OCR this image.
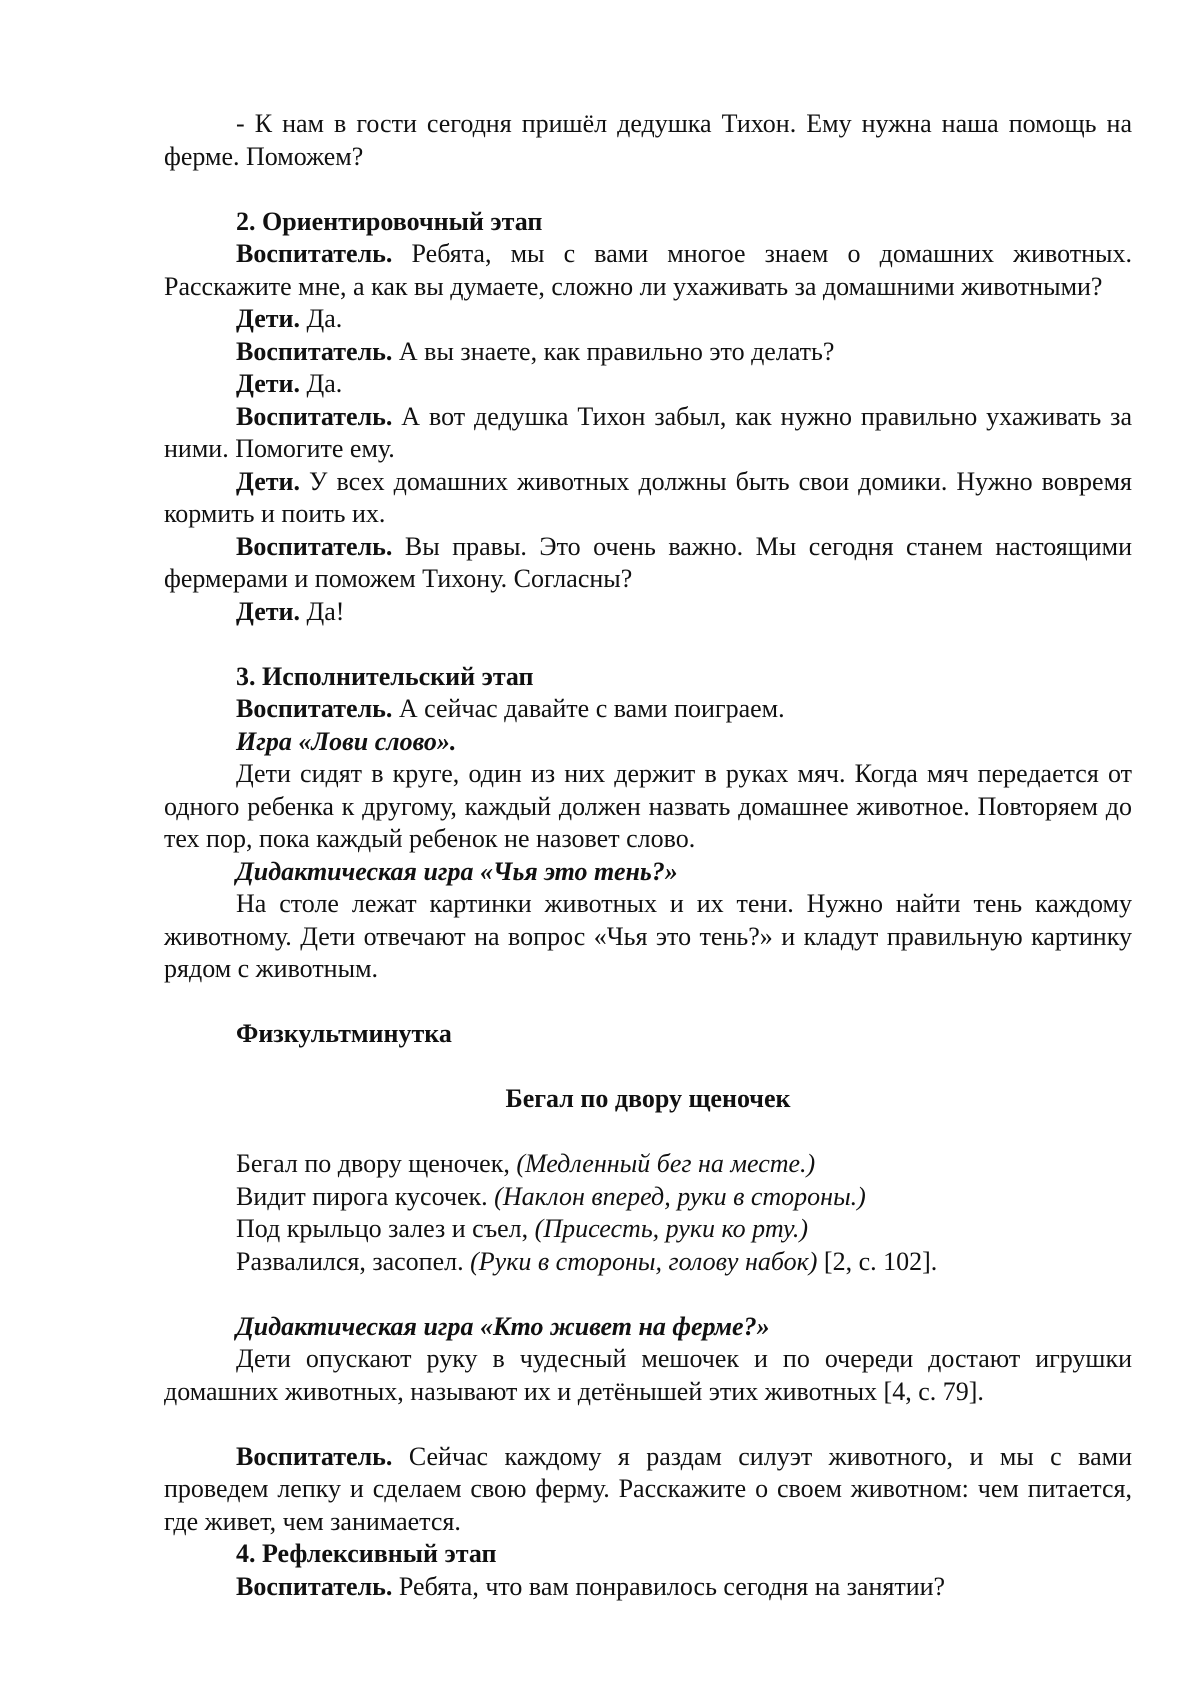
- К нам в гости сегодня пришёл дедушка Тихон. Ему нужна наша помощь на ферме. Поможем?

2. Ориентировочный этап

Воспитатель. Ребята, мы с вами многое знаем о домашних животных. Расскажите мне, а как вы думаете, сложно ли ухаживать за домашними животными?

Дети. Да.

Воспитатель. А вы знаете, как правильно это делать?

Дети. Да.

Воспитатель. А вот дедушка Тихон забыл, как нужно правильно ухаживать за ними. Помогите ему.

Дети. У всех домашних животных должны быть свои домики. Нужно вовремя кормить и поить их.

Воспитатель. Вы правы. Это очень важно. Мы сегодня станем настоящими фермерами и поможем Тихону. Согласны?

Дети. Да!

3. Исполнительский этап

Воспитатель. А сейчас давайте с вами поиграем.

Игра «Лови слово».

Дети сидят в круге, один из них держит в руках мяч. Когда мяч передается от одного ребенка к другому, каждый должен назвать домашнее животное. Повторяем до тех пор, пока каждый ребенок не назовет слово.

Дидактическая игра «Чья это тень?»

На столе лежат картинки животных и их тени. Нужно найти тень каждому животному. Дети отвечают на вопрос «Чья это тень?» и кладут правильную картинку рядом с животным.

Физкультминутка

Бегал по двору щеночек

Бегал по двору щеночек, (Медленный бег на месте.)

Видит пирога кусочек. (Наклон вперед, руки в стороны.)

Под крыльцо залез и съел, (Присесть, руки ко рту.)

Развалился, засопел. (Руки в стороны, голову набок) [2, с. 102].

Дидактическая игра «Кто живет на ферме?»

Дети опускают руку в чудесный мешочек и по очереди достают игрушки домашних животных, называют их и детёнышей этих животных [4, с. 79].

Воспитатель. Сейчас каждому я раздам силуэт животного, и мы с вами проведем лепку и сделаем свою ферму. Расскажите о своем животном: чем питается, где живет, чем занимается.

4. Рефлексивный этап

Воспитатель. Ребята, что вам понравилось сегодня на занятии?
